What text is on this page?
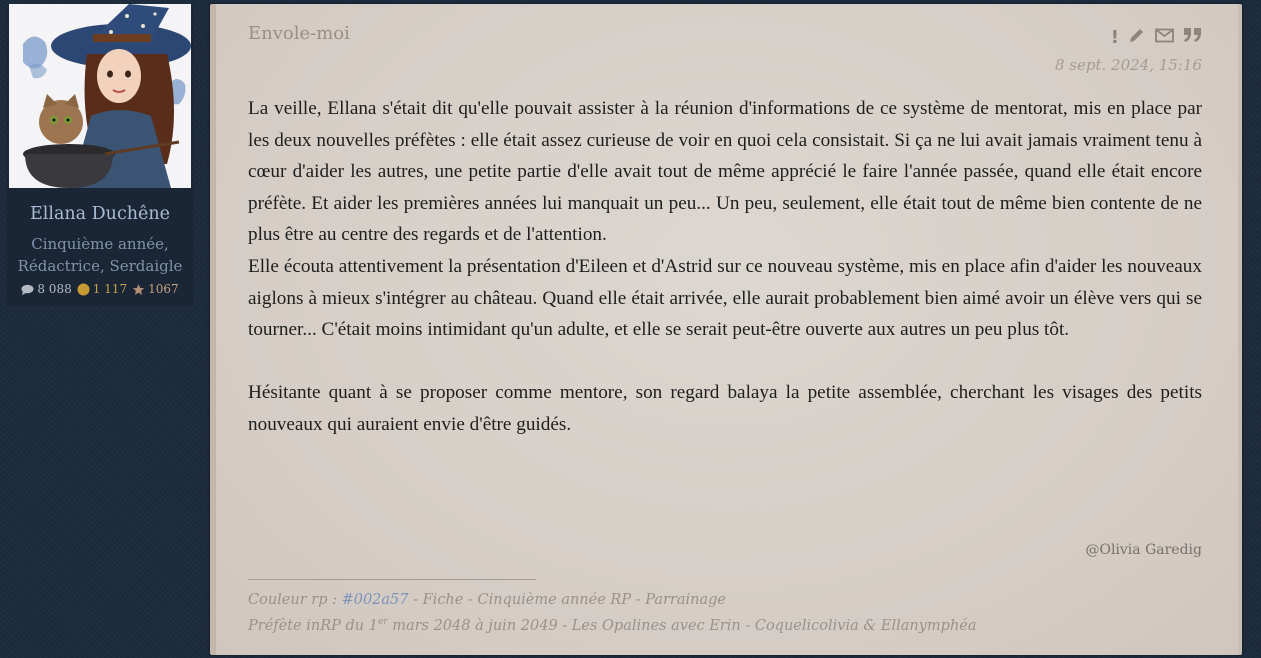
Ellana Duchêne
Cinquième année,
Rédactrice, Serdaigle
8 088 1 117 1067
Envole-moi	!
8 sept. 2024, 15:16

La veille, Ellana s'était dit qu'elle pouvait assister à la réunion d'informations de ce système de mentorat, mis en place par les deux nouvelles préfètes : elle était assez curieuse de voir en quoi cela consistait. Si ça ne lui avait jamais vraiment tenu à cœur d'aider les autres, une petite partie d'elle avait tout de même apprécié le faire l'année passée, quand elle était encore préfète. Et aider les premières années lui manquait un peu... Un peu, seulement, elle était tout de même bien contente de ne plus être au centre des regards et de l'attention.

Elle écouta attentivement la présentation d'Eileen et d'Astrid sur ce nouveau système, mis en place afin d'aider les nouveaux aiglons à mieux s'intégrer au château. Quand elle était arrivée, elle aurait probablement bien aimé avoir un élève vers qui se tourner... C'était moins intimidant qu'un adulte, et elle se serait peut-être ouverte aux autres un peu plus tôt.

Hésitante quant à se proposer comme mentore, son regard balaya la petite assemblée, cherchant les visages des petits nouveaux qui auraient envie d'être guidés.

@Olivia Garedig
Couleur rp : #002a57 - Fiche - Cinquième année RP - Parrainage
Préfète inRP du 1er mars 2048 à juin 2049 - Les Opalines avec Erin - Coquelicolivia & Ellanymphéa
